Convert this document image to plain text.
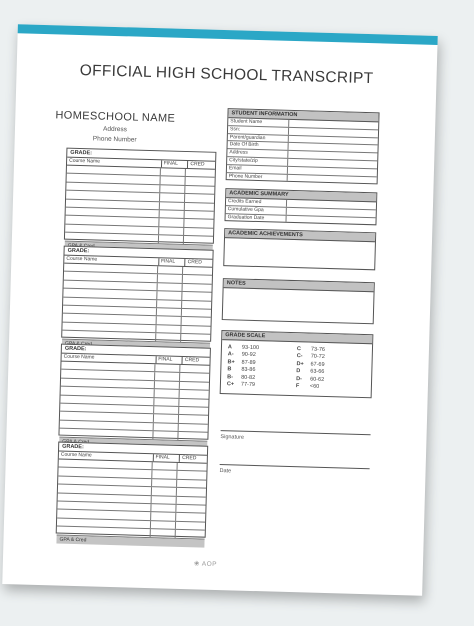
OFFICIAL HIGH SCHOOL TRANSCRIPT
HOMESCHOOL NAME
Address
Phone Number
GRADE:
Course Name	FINAL	CRED
GRADE:
Course Name	FINAL	CRED
GRADE:
Course Name	FINAL	CRED
GRADE:
Course Name	FINAL	CRED
GPA & Cred
STUDENT INFORMATION
Student Name
Ssn:
Parent/guardian
Date Of Birth
Address
City/state/zip
Email
Phone Number
ACADEMIC SUMMARY
Credits Earned
Cumulative Gpa
Graduation Date
ACADEMIC ACHIEVEMENTS
NOTES
GRADE SCALE
A	93-100
A-	90-92
B+	87-89
B	83-86
B-	80-82
C+	77-79
C	73-76
C-	70-72
D+	67-69
D	63-66
D-	60-62
F	<60
Signature
Date
❀ AOP
